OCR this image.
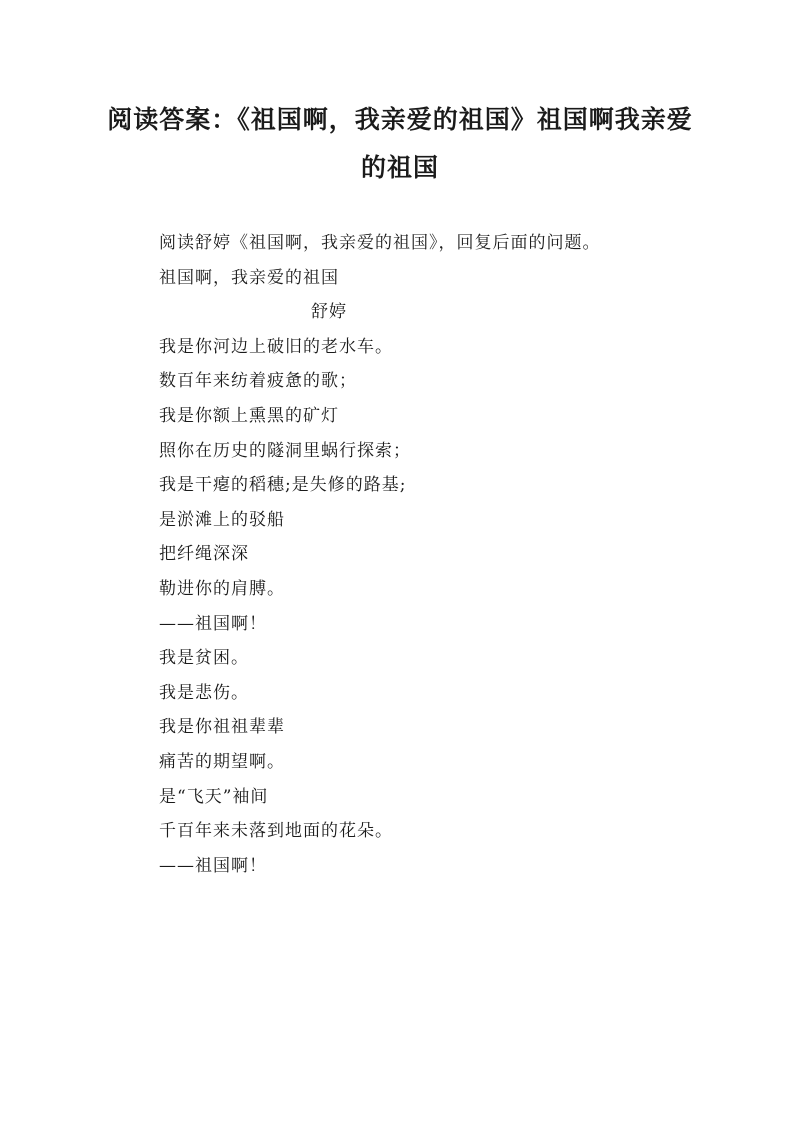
阅读答案：《祖国啊，我亲爱的祖国》祖国啊我亲爱
的祖国
阅读舒婷《祖国啊，我亲爱的祖国》，回复后面的问题。
祖国啊，我亲爱的祖国
舒婷
我是你河边上破旧的老水车。
数百年来纺着疲惫的歌；
我是你额上熏黑的矿灯
照你在历史的隧洞里蜗行探索；
我是干瘪的稻穗;是失修的路基;
是淤滩上的驳船
把纤绳深深
勒进你的肩膊。
——祖国啊！
我是贫困。
我是悲伤。
我是你祖祖辈辈
痛苦的期望啊。
是“飞天”袖间
千百年来未落到地面的花朵。
——祖国啊！
